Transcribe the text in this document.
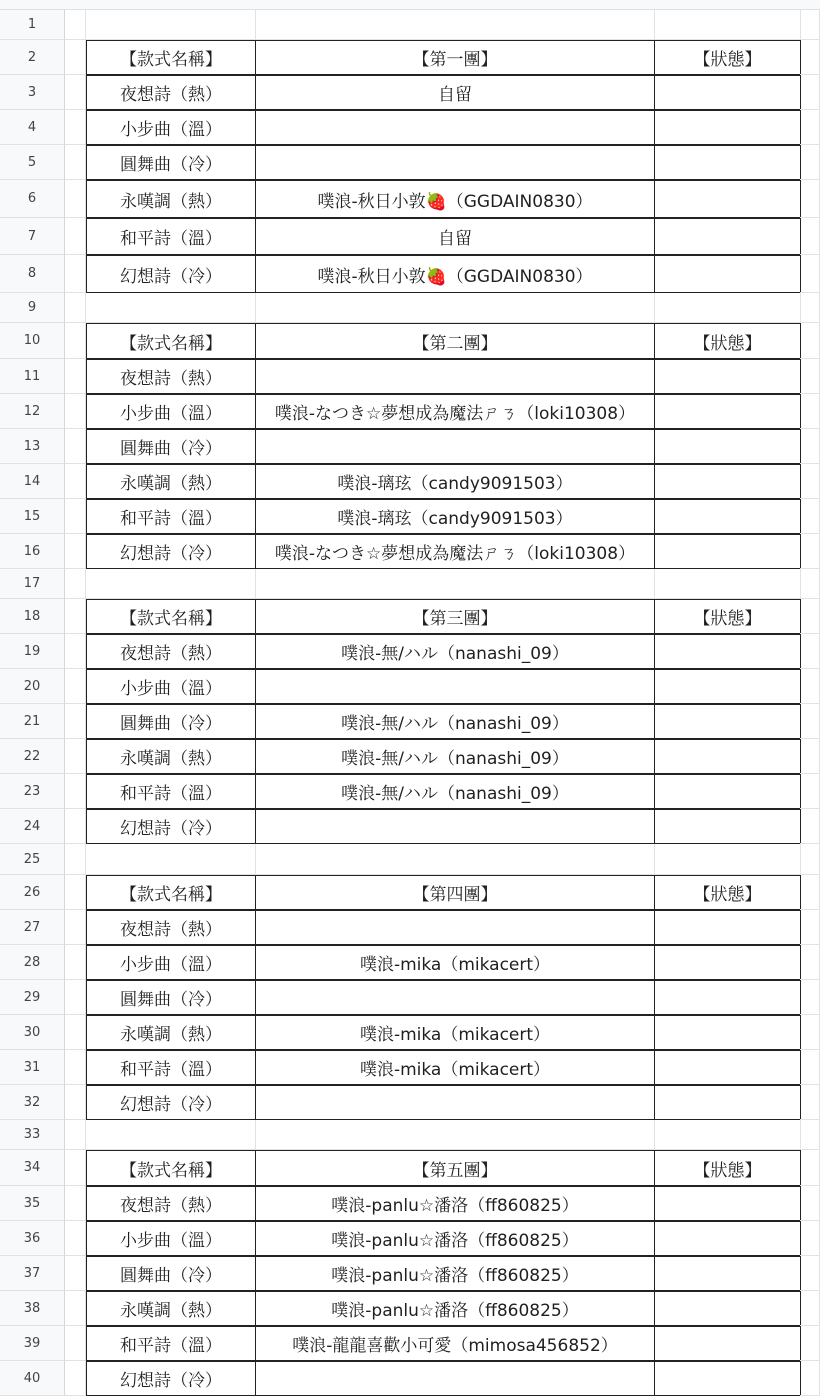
1
2	【款式名稱】	【第一團】	【狀態】
3	夜想詩（熱）	自留
4	小步曲（溫）
5	圓舞曲（冷）
6	永嘆調（熱）	噗浪-秋日小敦🍓（GGDAIN0830）
7	和平詩（溫）	自留
8	幻想詩（冷）	噗浪-秋日小敦🍓（GGDAIN0830）
9
10	【款式名稱】	【第二團】	【狀態】
11	夜想詩（熱）
12	小步曲（溫）	噗浪-なつき☆夢想成為魔法ㄕㄋ（loki10308）
13	圓舞曲（冷）
14	永嘆調（熱）	噗浪-璃玹（candy9091503）
15	和平詩（溫）	噗浪-璃玹（candy9091503）
16	幻想詩（冷）	噗浪-なつき☆夢想成為魔法ㄕㄋ（loki10308）
17
18	【款式名稱】	【第三團】	【狀態】
19	夜想詩（熱）	噗浪-無/ハル（nanashi_09）
20	小步曲（溫）
21	圓舞曲（冷）	噗浪-無/ハル（nanashi_09）
22	永嘆調（熱）	噗浪-無/ハル（nanashi_09）
23	和平詩（溫）	噗浪-無/ハル（nanashi_09）
24	幻想詩（冷）
25
26	【款式名稱】	【第四團】	【狀態】
27	夜想詩（熱）
28	小步曲（溫）	噗浪-mika（mikacert）
29	圓舞曲（冷）
30	永嘆調（熱）	噗浪-mika（mikacert）
31	和平詩（溫）	噗浪-mika（mikacert）
32	幻想詩（冷）
33
34	【款式名稱】	【第五團】	【狀態】
35	夜想詩（熱）	噗浪-panlu☆潘洛（ff860825）
36	小步曲（溫）	噗浪-panlu☆潘洛（ff860825）
37	圓舞曲（冷）	噗浪-panlu☆潘洛（ff860825）
38	永嘆調（熱）	噗浪-panlu☆潘洛（ff860825）
39	和平詩（溫）	噗浪-龍龍喜歡小可愛（mimosa456852）
40	幻想詩（冷）
